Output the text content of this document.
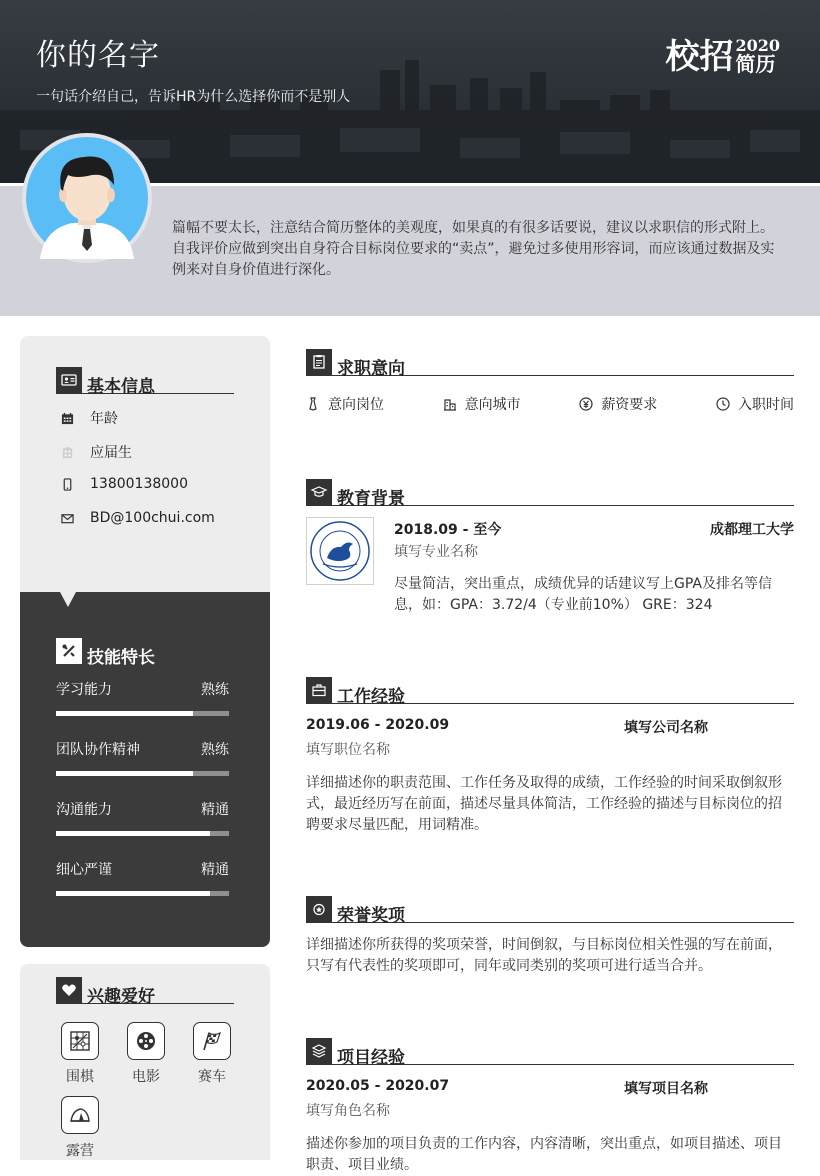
你的名字
一句话介绍自己，告诉HR为什么选择你而不是别人
校招 2020
简历
篇幅不要太长，注意结合简历整体的美观度，如果真的有很多话要说，建议以求职信的形式附上。自我评价应做到突出自身符合目标岗位要求的“卖点”，避免过多使用形容词，而应该通过数据及实例来对自身价值进行深化。
基本信息
年龄
应届生
13800138000
BD@100chui.com
技能特长
学习能力	熟练
团队协作精神	熟练
沟通能力	精通
细心严谨	精通
兴趣爱好
围棋	电影	赛车
露营
求职意向
意向岗位	意向城市	薪资要求	入职时间
教育背景
2018.09 - 至今	成都理工大学
填写专业名称
尽量简洁，突出重点，成绩优异的话建议写上GPA及排名等信息，如：GPA：3.72/4（专业前10%） GRE：324
工作经验
2019.06 - 2020.09	填写公司名称
填写职位名称
详细描述你的职责范围、工作任务及取得的成绩，工作经验的时间采取倒叙形式，最近经历写在前面，描述尽量具体简洁，工作经验的描述与目标岗位的招聘要求尽量匹配，用词精准。
荣誉奖项
详细描述你所获得的奖项荣誉，时间倒叙，与目标岗位相关性强的写在前面，只写有代表性的奖项即可，同年或同类别的奖项可进行适当合并。
项目经验
2020.05 - 2020.07	填写项目名称
填写角色名称
描述你参加的项目负责的工作内容，内容清晰，突出重点，如项目描述、项目职责、项目业绩。
